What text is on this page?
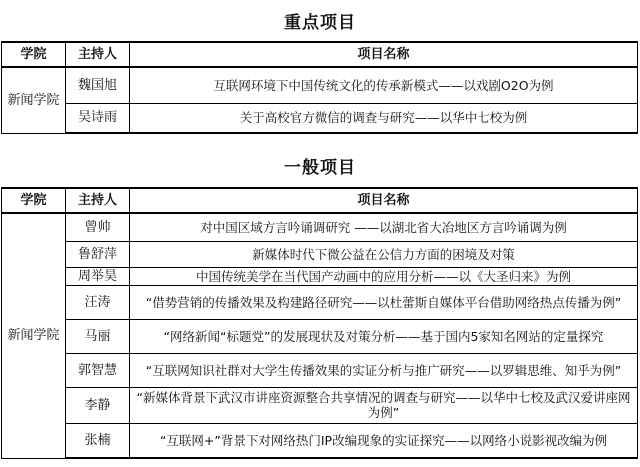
重点项目
学院	主持人	项目名称
新闻学院	魏国旭	互联网环境下中国传统文化的传承新模式——以戏剧O2O为例
	吴诗雨	关于高校官方微信的调查与研究——以华中七校为例
一般项目
学院	主持人	项目名称
新闻学院	曾帅	对中国区域方言吟诵调研究 ——以湖北省大冶地区方言吟诵调为例
	鲁舒萍	新媒体时代下微公益在公信力方面的困境及对策
	周举昊	中国传统美学在当代国产动画中的应用分析——以《大圣归来》为例
	汪涛	“借势营销的传播效果及构建路径研究——以杜蕾斯自媒体平台借助网络热点传播为例”
	马丽	“网络新闻“标题党”的发展现状及对策分析——基于国内5家知名网站的定量探究
	郭智慧	“互联网知识社群对大学生传播效果的实证分析与推广研究——以罗辑思维、知乎为例”
	李静	“新媒体背景下武汉市讲座资源整合共享情况的调查与研究——以华中七校及武汉爱讲座网为例”
	张楠	“互联网+”背景下对网络热门IP改编现象的实证探究——以网络小说影视改编为例
